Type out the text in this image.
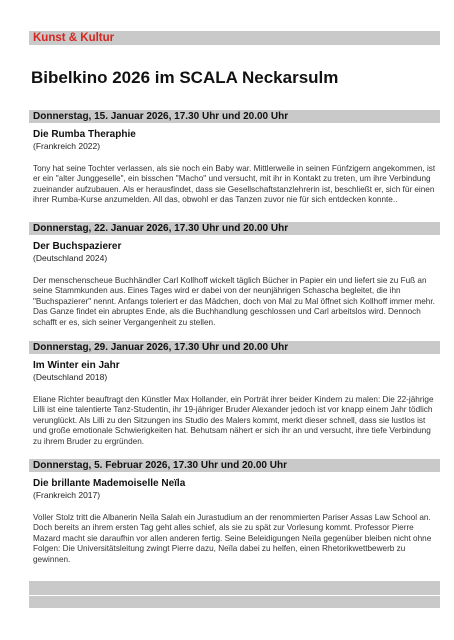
Kunst & Kultur
Bibelkino 2026 im SCALA Neckarsulm
Donnerstag, 15. Januar 2026, 17.30 Uhr und 20.00 Uhr
Die Rumba Theraphie
(Frankreich 2022)
Tony hat seine Tochter verlassen, als sie noch ein Baby war. Mittlerweile in seinen Fünfzigern angekommen, ist er ein "alter Junggeselle", ein bisschen "Macho" und versucht, mit ihr in Kontakt zu treten, um ihre Verbindung zueinander aufzubauen. Als er herausfindet, dass sie Gesellschaftstanzlehrerin ist, beschließt er, sich für einen ihrer Rumba-Kurse anzumelden. All das, obwohl er das Tanzen zuvor nie für sich entdecken konnte..
Donnerstag, 22. Januar 2026, 17.30 Uhr und 20.00 Uhr
Der Buchspazierer
(Deutschland 2024)
Der menschenscheue Buchhändler Carl Kollhoff wickelt täglich Bücher in Papier ein und liefert sie zu Fuß an seine Stammkunden aus. Eines Tages wird er dabei von der neunjährigen Schascha begleitet, die ihn "Buchspazierer" nennt. Anfangs toleriert er das Mädchen, doch von Mal zu Mal öffnet sich Kollhoff immer mehr. Das Ganze findet ein abruptes Ende, als die Buchhandlung geschlossen und Carl arbeitslos wird. Dennoch schafft er es, sich seiner Vergangenheit zu stellen.
Donnerstag, 29. Januar 2026, 17.30 Uhr und 20.00 Uhr
Im Winter ein Jahr
(Deutschland 2018)
Eliane Richter beauftragt den Künstler Max Hollander, ein Porträt ihrer beider Kindern zu malen: Die 22-jährige Lilli ist eine talentierte Tanz-Studentin, ihr 19-jähriger Bruder Alexander jedoch ist vor knapp einem Jahr tödlich verunglückt. Als Lilli zu den Sitzungen ins Studio des Malers kommt, merkt dieser schnell, dass sie lustlos ist und große emotionale Schwierigkeiten hat. Behutsam nähert er sich ihr an und versucht, ihre tiefe Verbindung zu ihrem Bruder zu ergründen.
Donnerstag, 5. Februar 2026, 17.30 Uhr und 20.00 Uhr
Die brillante Mademoiselle Neïla
(Frankreich 2017)
Voller Stolz tritt die Albanerin Neïla Salah ein Jurastudium an der renommierten Pariser Assas Law School an. Doch bereits an ihrem ersten Tag geht alles schief, als sie zu spät zur Vorlesung kommt. Professor Pierre Mazard macht sie daraufhin vor allen anderen fertig. Seine Beleidigungen Neïla gegenüber bleiben nicht ohne Folgen: Die Universitätsleitung zwingt Pierre dazu, Neïla dabei zu helfen, einen Rhetorikwettbewerb zu gewinnen.
